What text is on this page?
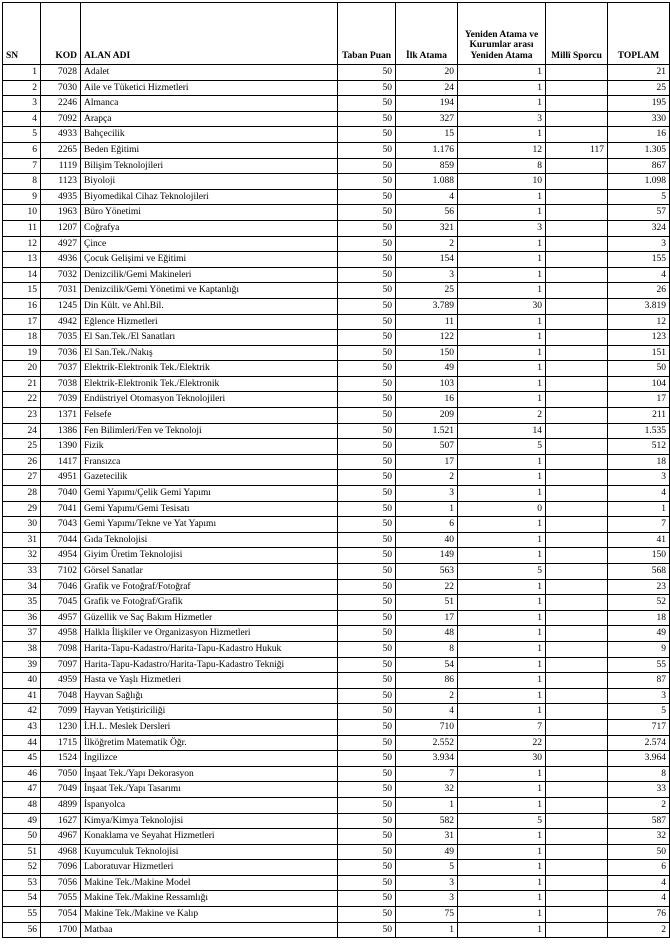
SN	KOD	ALAN ADI	Taban Puan	İlk Atama	Yeniden Atama ve Kurumlar arası Yeniden Atama	Millî Sporcu	TOPLAM
1	7028	Adalet	50	20	1		21
2	7030	Aile ve Tüketici Hizmetleri	50	24	1		25
3	2246	Almanca	50	194	1		195
4	7092	Arapça	50	327	3		330
5	4933	Bahçecilik	50	15	1		16
6	2265	Beden Eğitimi	50	1.176	12	117	1.305
7	1119	Bilişim Teknolojileri	50	859	8		867
8	1123	Biyoloji	50	1.088	10		1.098
9	4935	Biyomedikal Cihaz Teknolojileri	50	4	1		5
10	1963	Büro Yönetimi	50	56	1		57
11	1207	Coğrafya	50	321	3		324
12	4927	Çince	50	2	1		3
13	4936	Çocuk Gelişimi ve Eğitimi	50	154	1		155
14	7032	Denizcilik/Gemi Makineleri	50	3	1		4
15	7031	Denizcilik/Gemi Yönetimi ve Kaptanlığı	50	25	1		26
16	1245	Din Kült. ve Ahl.Bil.	50	3.789	30		3.819
17	4942	Eğlence Hizmetleri	50	11	1		12
18	7035	El San.Tek./El Sanatları	50	122	1		123
19	7036	El San.Tek./Nakış	50	150	1		151
20	7037	Elektrik-Elektronik Tek./Elektrik	50	49	1		50
21	7038	Elektrik-Elektronik Tek./Elektronik	50	103	1		104
22	7039	Endüstriyel Otomasyon Teknolojileri	50	16	1		17
23	1371	Felsefe	50	209	2		211
24	1386	Fen Bilimleri/Fen ve Teknoloji	50	1.521	14		1.535
25	1390	Fizik	50	507	5		512
26	1417	Fransızca	50	17	1		18
27	4951	Gazetecilik	50	2	1		3
28	7040	Gemi Yapımı/Çelik Gemi Yapımı	50	3	1		4
29	7041	Gemi Yapımı/Gemi Tesisatı	50	1	0		1
30	7043	Gemi Yapımı/Tekne ve Yat Yapımı	50	6	1		7
31	7044	Gıda Teknolojisi	50	40	1		41
32	4954	Giyim Üretim Teknolojisi	50	149	1		150
33	7102	Görsel Sanatlar	50	563	5		568
34	7046	Grafik ve Fotoğraf/Fotoğraf	50	22	1		23
35	7045	Grafik ve Fotoğraf/Grafik	50	51	1		52
36	4957	Güzellik ve Saç Bakım Hizmetler	50	17	1		18
37	4958	Halkla İlişkiler ve Organizasyon Hizmetleri	50	48	1		49
38	7098	Harita-Tapu-Kadastro/Harita-Tapu-Kadastro Hukuk	50	8	1		9
39	7097	Harita-Tapu-Kadastro/Harita-Tapu-Kadastro Tekniği	50	54	1		55
40	4959	Hasta ve Yaşlı Hizmetleri	50	86	1		87
41	7048	Hayvan Sağlığı	50	2	1		3
42	7099	Hayvan Yetiştiriciliği	50	4	1		5
43	1230	İ.H.L. Meslek Dersleri	50	710	7		717
44	1715	İlköğretim Matematik Öğr.	50	2.552	22		2.574
45	1524	İngilizce	50	3.934	30		3.964
46	7050	İnşaat Tek./Yapı Dekorasyon	50	7	1		8
47	7049	İnşaat Tek./Yapı Tasarımı	50	32	1		33
48	4899	İspanyolca	50	1	1		2
49	1627	Kimya/Kimya Teknolojisi	50	582	5		587
50	4967	Konaklama ve Seyahat Hizmetleri	50	31	1		32
51	4968	Kuyumculuk Teknolojisi	50	49	1		50
52	7096	Laboratuvar Hizmetleri	50	5	1		6
53	7056	Makine Tek./Makine Model	50	3	1		4
54	7055	Makine Tek./Makine Ressamlığı	50	3	1		4
55	7054	Makine Tek./Makine ve Kalıp	50	75	1		76
56	1700	Matbaa	50	1	1		2
